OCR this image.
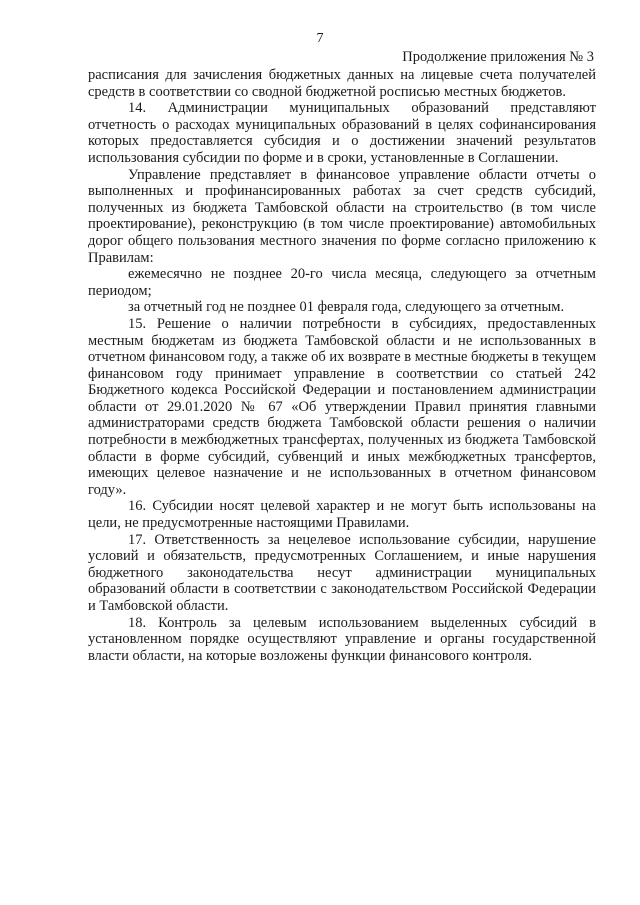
7
Продолжение приложения № 3

расписания для зачисления бюджетных данных на лицевые счета получателей средств в соответствии со сводной бюджетной росписью местных бюджетов.

14. Администрации муниципальных образований представляют отчетность о расходах муниципальных образований в целях софинансирования которых предоставляется субсидия и о достижении значений результатов использования субсидии по форме и в сроки, установленные в Соглашении.

Управление представляет в финансовое управление области отчеты о выполненных и профинансированных работах за счет средств субсидий, полученных из бюджета Тамбовской области на строительство (в том числе проектирование), реконструкцию (в том числе проектирование) автомобильных дорог общего пользования местного значения по форме согласно приложению к Правилам:

ежемесячно не позднее 20-го числа месяца, следующего за отчетным периодом;

за отчетный год не позднее 01 февраля года, следующего за отчетным.

15. Решение о наличии потребности в субсидиях, предоставленных местным бюджетам из бюджета Тамбовской области и не использованных в отчетном финансовом году, а также об их возврате в местные бюджеты в текущем финансовом году принимает управление в соответствии со статьей 242 Бюджетного кодекса Российской Федерации и постановлением администрации области от 29.01.2020 № 67 «Об утверждении Правил принятия главными администраторами средств бюджета Тамбовской области решения о наличии потребности в межбюджетных трансфертах, полученных из бюджета Тамбовской области в форме субсидий, субвенций и иных межбюджетных трансфертов, имеющих целевое назначение и не использованных в отчетном финансовом году».

16. Субсидии носят целевой характер и не могут быть использованы на цели, не предусмотренные настоящими Правилами.

17. Ответственность за нецелевое использование субсидии, нарушение условий и обязательств, предусмотренных Соглашением, и иные нарушения бюджетного законодательства несут администрации муниципальных образований области в соответствии с законодательством Российской Федерации и Тамбовской области.

18. Контроль за целевым использованием выделенных субсидий в установленном порядке осуществляют управление и органы государственной власти области, на которые возложены функции финансового контроля.
